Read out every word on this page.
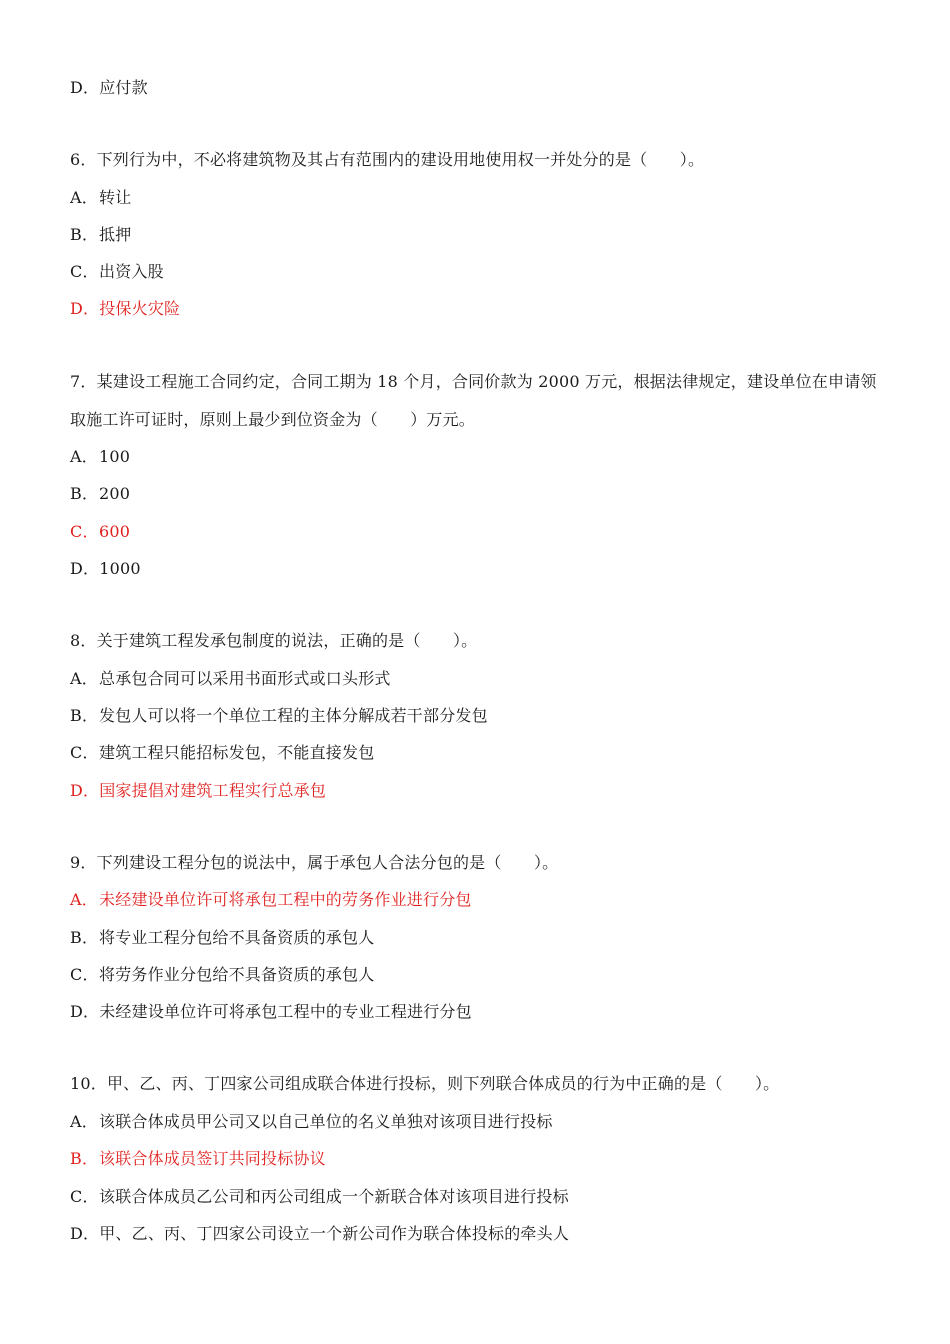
D．应付款
6．下列行为中，不必将建筑物及其占有范围内的建设用地使用权一并处分的是（　　）。
A．转让
B．抵押
C．出资入股
D．投保火灾险
7．某建设工程施工合同约定，合同工期为 18 个月，合同价款为 2000 万元，根据法律规定，建设单位在申请领
取施工许可证时，原则上最少到位资金为（　　）万元。
A．100
B．200
C．600
D．1000
8．关于建筑工程发承包制度的说法，正确的是（　　）。
A．总承包合同可以采用书面形式或口头形式
B．发包人可以将一个单位工程的主体分解成若干部分发包
C．建筑工程只能招标发包，不能直接发包
D．国家提倡对建筑工程实行总承包
9．下列建设工程分包的说法中，属于承包人合法分包的是（　　）。
A．未经建设单位许可将承包工程中的劳务作业进行分包
B．将专业工程分包给不具备资质的承包人
C．将劳务作业分包给不具备资质的承包人
D．未经建设单位许可将承包工程中的专业工程进行分包
10．甲、乙、丙、丁四家公司组成联合体进行投标，则下列联合体成员的行为中正确的是（　　）。
A．该联合体成员甲公司又以自己单位的名义单独对该项目进行投标
B．该联合体成员签订共同投标协议
C．该联合体成员乙公司和丙公司组成一个新联合体对该项目进行投标
D．甲、乙、丙、丁四家公司设立一个新公司作为联合体投标的牵头人
